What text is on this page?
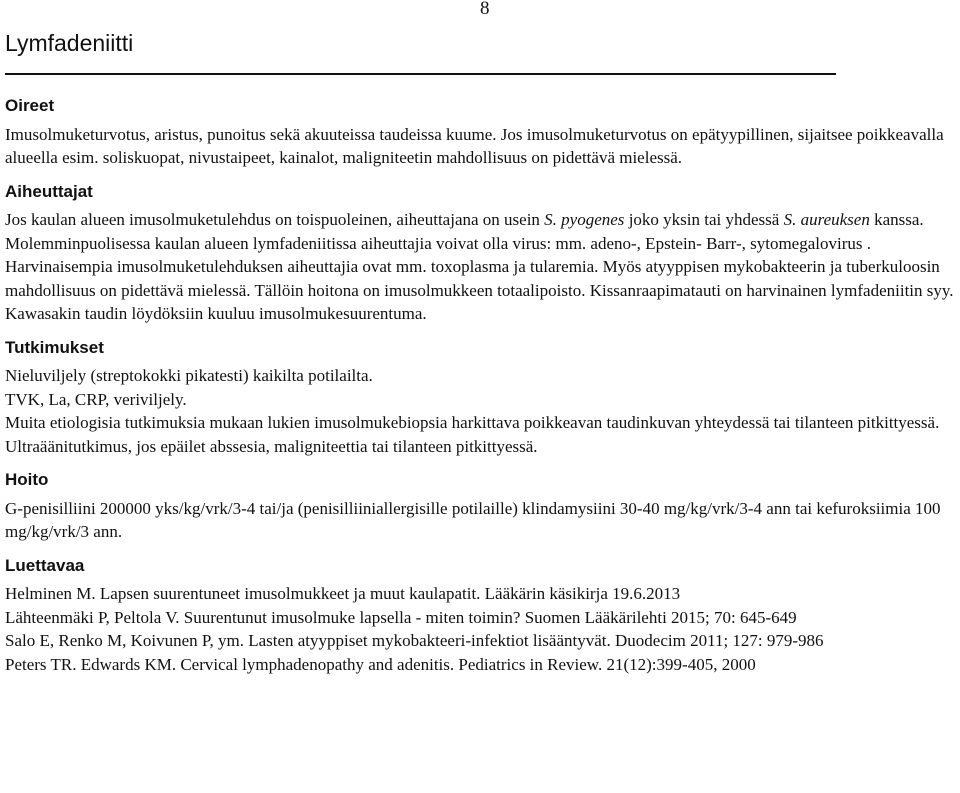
8
Lymfadeniitti
Oireet

Imusolmuketurvotus, aristus, punoitus sekä akuuteissa taudeissa kuume. Jos imusolmuketurvotus on epätyypillinen, sijaitsee poikkeavalla alueella esim. soliskuopat, nivustaipeet, kainalot, maligniteetin mahdollisuus on pidettävä mielessä.

Aiheuttajat

Jos kaulan alueen imusolmuketulehdus on toispuoleinen, aiheuttajana on usein S. pyogenes joko yksin tai yhdessä S. aureuksen kanssa. Molemminpuolisessa kaulan alueen lymfadeniitissa aiheuttajia voivat olla virus: mm. adeno-, Epstein- Barr-, sytomegalovirus . Harvinaisempia imusolmuketulehduksen aiheuttajia ovat mm. toxoplasma ja tularemia. Myös atyyppisen mykobakteerin ja tuberkuloosin mahdollisuus on pidettävä mielessä. Tällöin hoitona on imusolmukkeen totaalipoisto. Kissanraapimatauti on harvinainen lymfadeniitin syy. Kawasakin taudin löydöksiin kuuluu imusolmukesuurentuma.

Tutkimukset

Nieluviljely (streptokokki pikatesti) kaikilta potilailta.

TVK, La, CRP, veriviljely.

Muita etiologisia tutkimuksia mukaan lukien imusolmukebiopsia harkittava poikkeavan taudinkuvan yhteydessä tai tilanteen pitkittyessä.

Ultraäänitutkimus, jos epäilet abssesia, maligniteettia tai tilanteen pitkittyessä.

Hoito

G-penisilliini 200000 yks/kg/vrk/3-4 tai/ja (penisilliiniallergisille potilaille) klindamysiini 30-40 mg/kg/vrk/3-4 ann tai kefuroksiimia 100 mg/kg/vrk/3 ann.

Luettavaa

Helminen M. Lapsen suurentuneet imusolmukkeet ja muut kaulapatit. Lääkärin käsikirja 19.6.2013

Lähteenmäki P, Peltola V. Suurentunut imusolmuke lapsella - miten toimin? Suomen Lääkärilehti 2015; 70: 645-649

Salo E, Renko M, Koivunen P, ym. Lasten atyyppiset mykobakteeri-infektiot lisääntyvät. Duodecim 2011; 127: 979-986

Peters TR. Edwards KM. Cervical lymphadenopathy and adenitis. Pediatrics in Review. 21(12):399-405, 2000
